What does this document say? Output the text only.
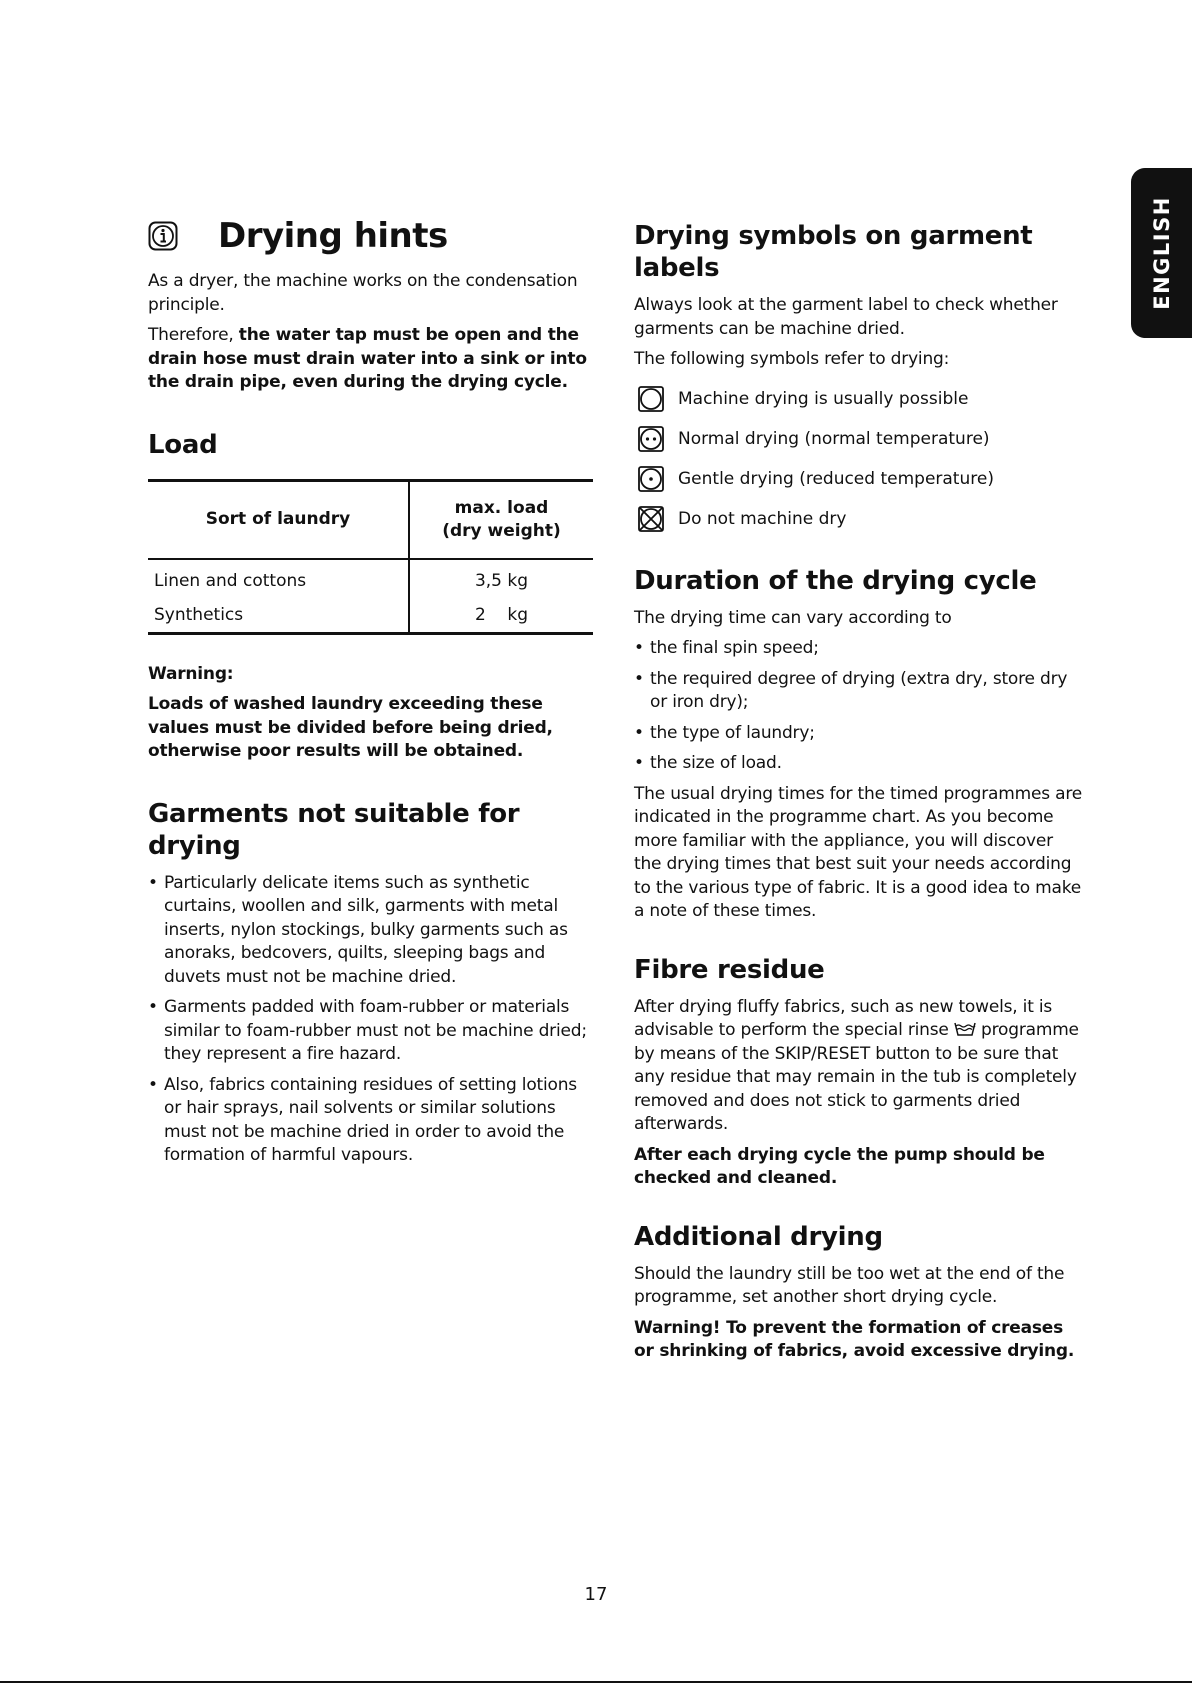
ENGLISH
Drying hints

As a dryer, the machine works on the condensation principle.

Therefore, the water tap must be open and the drain hose must drain water into a sink or into the drain pipe, even during the drying cycle.

Load
Sort of laundry	max. load
(dry weight)
Linen and cottons	3,5 kg
Synthetics	2    kg

Warning:

Loads of washed laundry exceeding these values must be divided before being dried, otherwise poor results will be obtained.

Garments not suitable for drying
• Particularly delicate items such as synthetic curtains, woollen and silk, garments with metal inserts, nylon stockings, bulky garments such as anoraks, bedcovers, quilts, sleeping bags and duvets must not be machine dried.
• Garments padded with foam-rubber or materials similar to foam-rubber must not be machine dried; they represent a fire hazard.
• Also, fabrics containing residues of setting lotions or hair sprays, nail solvents or similar solutions must not be machine dried in order to avoid the formation of harmful vapours.
Drying symbols on garment labels

Always look at the garment label to check whether garments can be machine dried.

The following symbols refer to drying:

Machine drying is usually possible
Normal drying (normal temperature)
Gentle drying (reduced temperature)
Do not machine dry
Duration of the drying cycle

The drying time can vary according to

• the final spin speed;
• the required degree of drying (extra dry, store dry or iron dry);
• the type of laundry;
• the size of load.

The usual drying times for the timed programmes are indicated in the programme chart. As you become more familiar with the appliance, you will discover the drying times that best suit your needs according to the various type of fabric. It is a good idea to make a note of these times.

Fibre residue

After drying fluffy fabrics, such as new towels, it is advisable to perform the special rinse  programme by means of the SKIP/RESET button to be sure that any residue that may remain in the tub is completely removed and does not stick to garments dried afterwards.

After each drying cycle the pump should be checked and cleaned.

Additional drying

Should the laundry still be too wet at the end of the programme, set another short drying cycle.

Warning! To prevent the formation of creases or shrinking of fabrics, avoid excessive drying.

17
